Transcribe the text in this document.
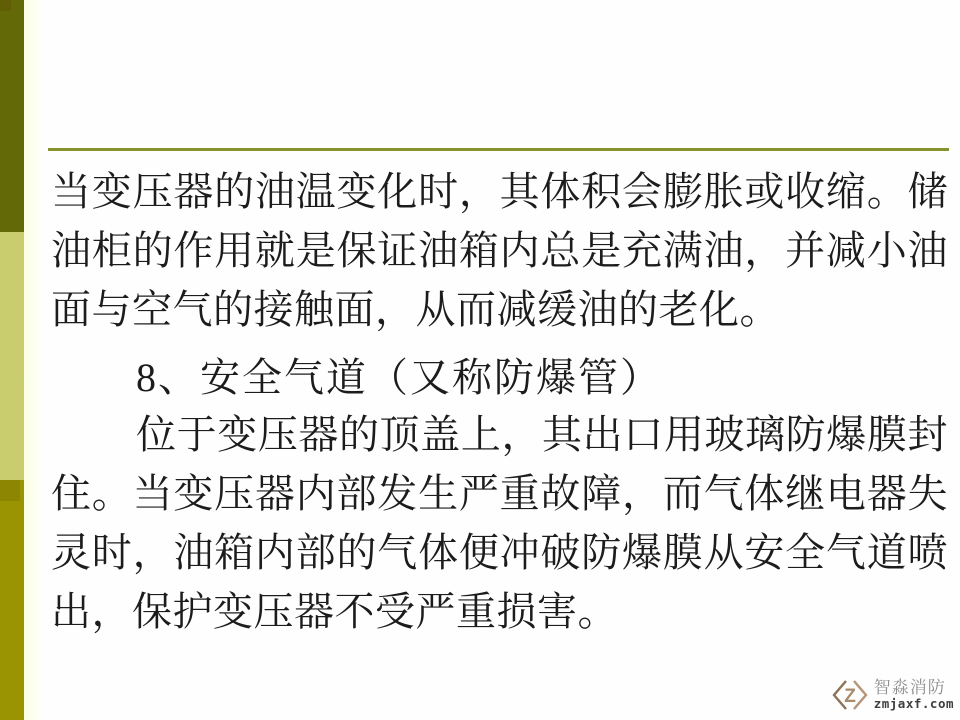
当变压器的油温变化时，其体积会膨胀或收缩。储
油柜的作用就是保证油箱内总是充满油，并减小油
面与空气的接触面，从而减缓油的老化。
8、安全气道（又称防爆管）
位于变压器的顶盖上，其出口用玻璃防爆膜封
住。当变压器内部发生严重故障，而气体继电器失
灵时，油箱内部的气体便冲破防爆膜从安全气道喷
出，保护变压器不受严重损害。
Z 智淼消防
zmjaxf.com
